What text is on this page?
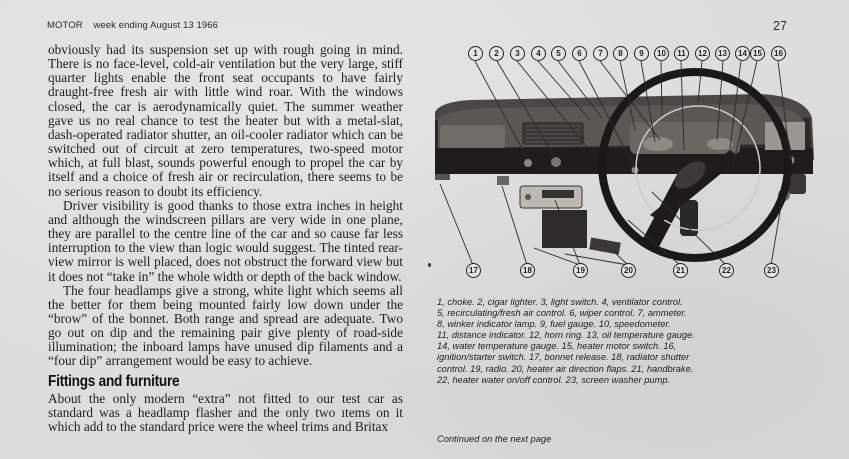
MOTOR week ending August 13 1966	27

obviously had its suspension set up with rough going in mind. There is no face-level, cold-air ventilation but the very large, stiff quarter lights enable the front seat occupants to have fairly draught-free fresh air with little wind roar. With the windows closed, the car is aerodynamically quiet. The summer weather gave us no real chance to test the heater but with a metal-slat, dash-operated radiator shutter, an oil-cooler radiator which can be switched out of circuit at zero temperatures, two-speed motor which, at full blast, sounds powerful enough to propel the car by itself and a choice of fresh air or recirculation, there seems to be no serious reason to doubt its efficiency.

Driver visibility is good thanks to those extra inches in height and although the windscreen pillars are very wide in one plane, they are parallel to the centre line of the car and so cause far less interruption to the view than logic would suggest. The tinted rear-view mirror is well placed, does not obstruct the forward view but it does not “take in” the whole width or depth of the back window.

The four headlamps give a strong, white light which seems all the better for them being mounted fairly low down under the “brow” of the bonnet. Both range and spread are adequate. Two go out on dip and the remaining pair give plenty of road-side illumination; the inboard lamps have unused dip filaments and a “four dip” arrangement would be easy to achieve.

Fittings and furniture

About the only modern “extra” not fitted to our test car as standard was a headlamp flasher and the only two ıtems on it which add to the standard price were the wheel trims and Britax

1	2	3	4	5	6	7	8	9	10	11	12	13	14 15	16
17	18	19	20	21	22	23
1, choke. 2, cigar lighter. 3, light switch. 4, ventilator control.
5, recirculating/fresh air control. 6, wiper control. 7, ammeter.
8, winker indicator lamp. 9, fuel gauge. 10, speedometer.
11, distance indicator. 12, horn ring. 13, oil temperature gauge.
14, water temperature gauge. 15, heater motor switch. 16,
ignition/starter switch. 17, bonnet release. 18, radiator shutter
control. 19, radio. 20, heater air direction flaps. 21, handbrake.
22, heater water on/off control. 23, screen washer pump.
Continued on the next page
